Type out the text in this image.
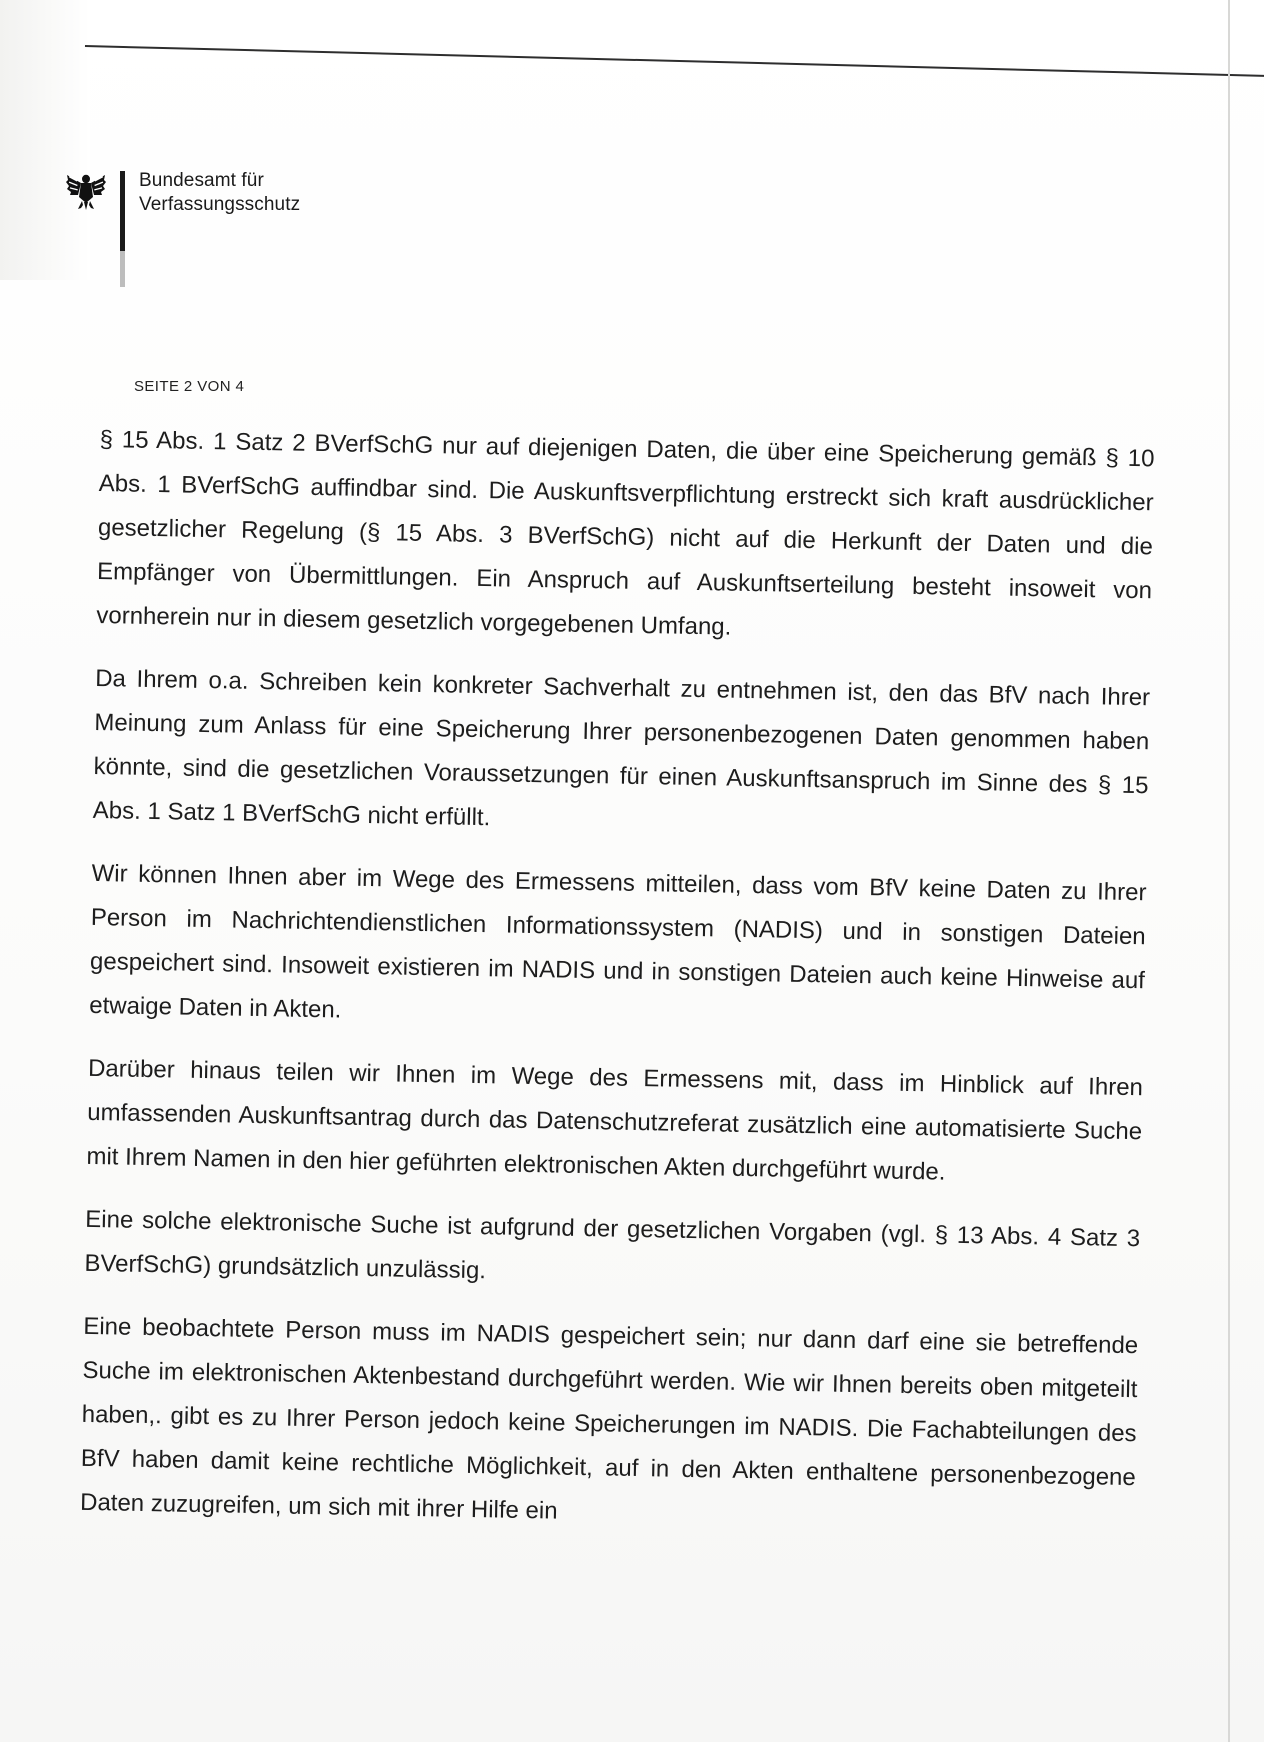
Bundesamt für
Verfassungsschutz
SEITE 2 VON 4

§ 15 Abs. 1 Satz 2 BVerfSchG nur auf diejenigen Daten, die über eine Speicherung gemäß § 10 Abs. 1 BVerfSchG auffindbar sind. Die Auskunftsverpflichtung erstreckt sich kraft ausdrücklicher gesetzlicher Regelung (§ 15 Abs. 3 BVerfSchG) nicht auf die Herkunft der Daten und die Empfänger von Übermittlungen. Ein Anspruch auf Auskunftserteilung besteht insoweit von vornherein nur in diesem gesetzlich vorgegebenen Umfang.

Da Ihrem o.a. Schreiben kein konkreter Sachverhalt zu entnehmen ist, den das BfV nach Ihrer Meinung zum Anlass für eine Speicherung Ihrer personenbezogenen Daten genommen haben könnte, sind die gesetzlichen Voraussetzungen für einen Auskunftsanspruch im Sinne des § 15 Abs. 1 Satz 1 BVerfSchG nicht erfüllt.

Wir können Ihnen aber im Wege des Ermessens mitteilen, dass vom BfV keine Daten zu Ihrer Person im Nachrichtendienstlichen Informationssystem (NADIS) und in sonstigen Dateien gespeichert sind. Insoweit existieren im NADIS und in sonstigen Dateien auch keine Hinweise auf etwaige Daten in Akten.

Darüber hinaus teilen wir Ihnen im Wege des Ermessens mit, dass im Hinblick auf Ihren umfassenden Auskunftsantrag durch das Datenschutzreferat zusätzlich eine automatisierte Suche mit Ihrem Namen in den hier geführten elektronischen Akten durchgeführt wurde.

Eine solche elektronische Suche ist aufgrund der gesetzlichen Vorgaben (vgl. § 13 Abs. 4 Satz 3 BVerfSchG) grundsätzlich unzulässig.

Eine beobachtete Person muss im NADIS gespeichert sein; nur dann darf eine sie betreffende Suche im elektronischen Aktenbestand durchgeführt werden. Wie wir Ihnen bereits oben mitgeteilt haben,. gibt es zu Ihrer Person jedoch keine Speicherungen im NADIS. Die Fachabteilungen des BfV haben damit keine rechtliche Möglichkeit, auf in den Akten enthaltene personenbezogene Daten zuzugreifen, um sich mit ihrer Hilfe ein
